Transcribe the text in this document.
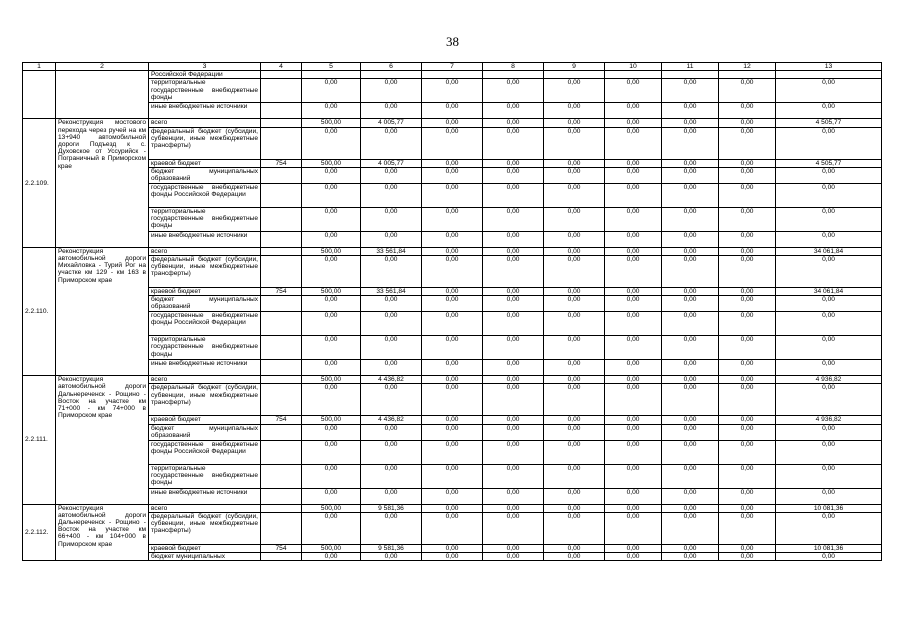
38
1	2	3	4	5	6	7	8	9	10	11	12	13
		Российской Федерации										
		территориальные государственные внебюджетные фонды		0,00	0,00	0,00	0,00	0,00	0,00	0,00	0,00	0,00
		иные внебюджетные источники		0,00	0,00	0,00	0,00	0,00	0,00	0,00	0,00	0,00
2.2.109.	Реконструкция мостового перехода через ручей на км 13+940 автомобильной дороги Подъезд к с. Духовское от Уссурийск - Пограничный в Приморском крае	всего		500,00	4 005,77	0,00	0,00	0,00	0,00	0,00	0,00	4 505,77
		федеральный бюджет (субсидии, субвенции, иные межбюджетные трансферты)		0,00	0,00	0,00	0,00	0,00	0,00	0,00	0,00	0,00
		краевой бюджет	754	500,00	4 005,77	0,00	0,00	0,00	0,00	0,00	0,00	4 505,77
		бюджет муниципальных образований		0,00	0,00	0,00	0,00	0,00	0,00	0,00	0,00	0,00
		государственные внебюджетные фонды Российской Федерации		0,00	0,00	0,00	0,00	0,00	0,00	0,00	0,00	0,00
		территориальные государственные внебюджетные фонды		0,00	0,00	0,00	0,00	0,00	0,00	0,00	0,00	0,00
		иные внебюджетные источники		0,00	0,00	0,00	0,00	0,00	0,00	0,00	0,00	0,00
2.2.110.	Реконструкция автомобильной дороги Михайловка - Турий Рог на участке км 129 - км 163 в Приморском крае	всего		500,00	33 561,84	0,00	0,00	0,00	0,00	0,00	0,00	34 061,84
		федеральный бюджет (субсидии, субвенции, иные межбюджетные трансферты)		0,00	0,00	0,00	0,00	0,00	0,00	0,00	0,00	0,00
		краевой бюджет	754	500,00	33 561,84	0,00	0,00	0,00	0,00	0,00	0,00	34 061,84
		бюджет муниципальных образований		0,00	0,00	0,00	0,00	0,00	0,00	0,00	0,00	0,00
		государственные внебюджетные фонды Российской Федерации		0,00	0,00	0,00	0,00	0,00	0,00	0,00	0,00	0,00
		территориальные государственные внебюджетные фонды		0,00	0,00	0,00	0,00	0,00	0,00	0,00	0,00	0,00
		иные внебюджетные источники		0,00	0,00	0,00	0,00	0,00	0,00	0,00	0,00	0,00
2.2.111.	Реконструкция автомобильной дороги Дальнереченск - Рощино - Восток на участке км 71+000 - км 74+000 в Приморском крае	всего		500,00	4 436,82	0,00	0,00	0,00	0,00	0,00	0,00	4 936,82
		федеральный бюджет (субсидии, субвенции, иные межбюджетные трансферты)		0,00	0,00	0,00	0,00	0,00	0,00	0,00	0,00	0,00
		краевой бюджет	754	500,00	4 436,82	0,00	0,00	0,00	0,00	0,00	0,00	4 936,82
		бюджет муниципальных образований		0,00	0,00	0,00	0,00	0,00	0,00	0,00	0,00	0,00
		государственные внебюджетные фонды Российской Федерации		0,00	0,00	0,00	0,00	0,00	0,00	0,00	0,00	0,00
		территориальные государственные внебюджетные фонды		0,00	0,00	0,00	0,00	0,00	0,00	0,00	0,00	0,00
		иные внебюджетные источники		0,00	0,00	0,00	0,00	0,00	0,00	0,00	0,00	0,00
2.2.112.	Реконструкция автомобильной дороги Дальнереченск - Рощино - Восток на участке км 66+400 - км 104+000 в Приморском крае	всего		500,00	9 581,36	0,00	0,00	0,00	0,00	0,00	0,00	10 081,36
		федеральный бюджет (субсидии, субвенции, иные межбюджетные трансферты)		0,00	0,00	0,00	0,00	0,00	0,00	0,00	0,00	0,00
		краевой бюджет	754	500,00	9 581,36	0,00	0,00	0,00	0,00	0,00	0,00	10 081,36
		бюджет муниципальных		0,00	0,00	0,00	0,00	0,00	0,00	0,00	0,00	0,00
